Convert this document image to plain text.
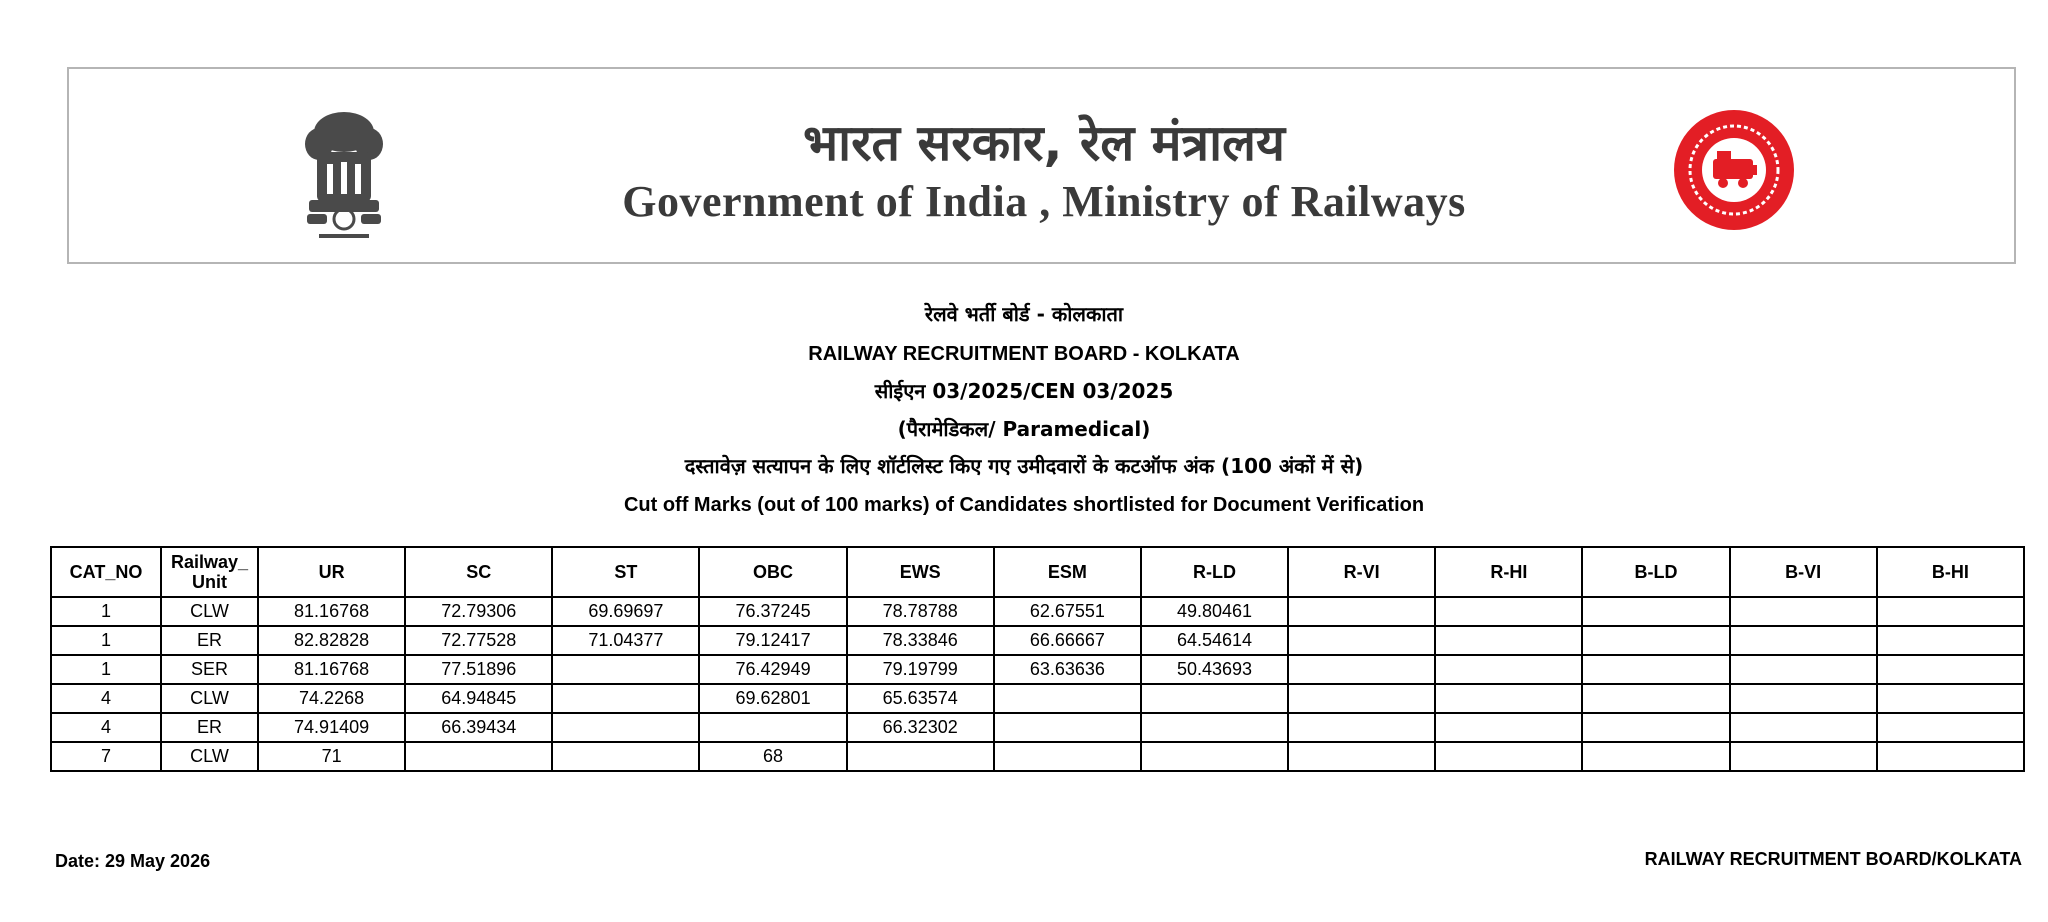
भारत सरकार, रेल मंत्रालय
Government of India , Ministry of Railways
रेलवे भर्ती बोर्ड - कोलकाता
RAILWAY RECRUITMENT BOARD - KOLKATA
सीईएन 03/2025/CEN 03/2025
(पैरामेडिकल/ Paramedical)
दस्तावेज़ सत्यापन के लिए शॉर्टलिस्ट किए गए उमीदवारों के कटऑफ अंक (100 अंकों में से)
Cut off Marks (out of 100 marks) of Candidates shortlisted for Document Verification
CAT_NO	Railway_ Unit	UR	SC	ST	OBC	EWS	ESM	R-LD	R-VI	R-HI	B-LD	B-VI	B-HI
1	CLW	81.16768	72.79306	69.69697	76.37245	78.78788	62.67551	49.80461					
1	ER	82.82828	72.77528	71.04377	79.12417	78.33846	66.66667	64.54614					
1	SER	81.16768	77.51896		76.42949	79.19799	63.63636	50.43693					
4	CLW	74.2268	64.94845		69.62801	65.63574							
4	ER	74.91409	66.39434			66.32302							
7	CLW	71			68								
Date: 29 May 2026	RAILWAY RECRUITMENT BOARD/KOLKATA
